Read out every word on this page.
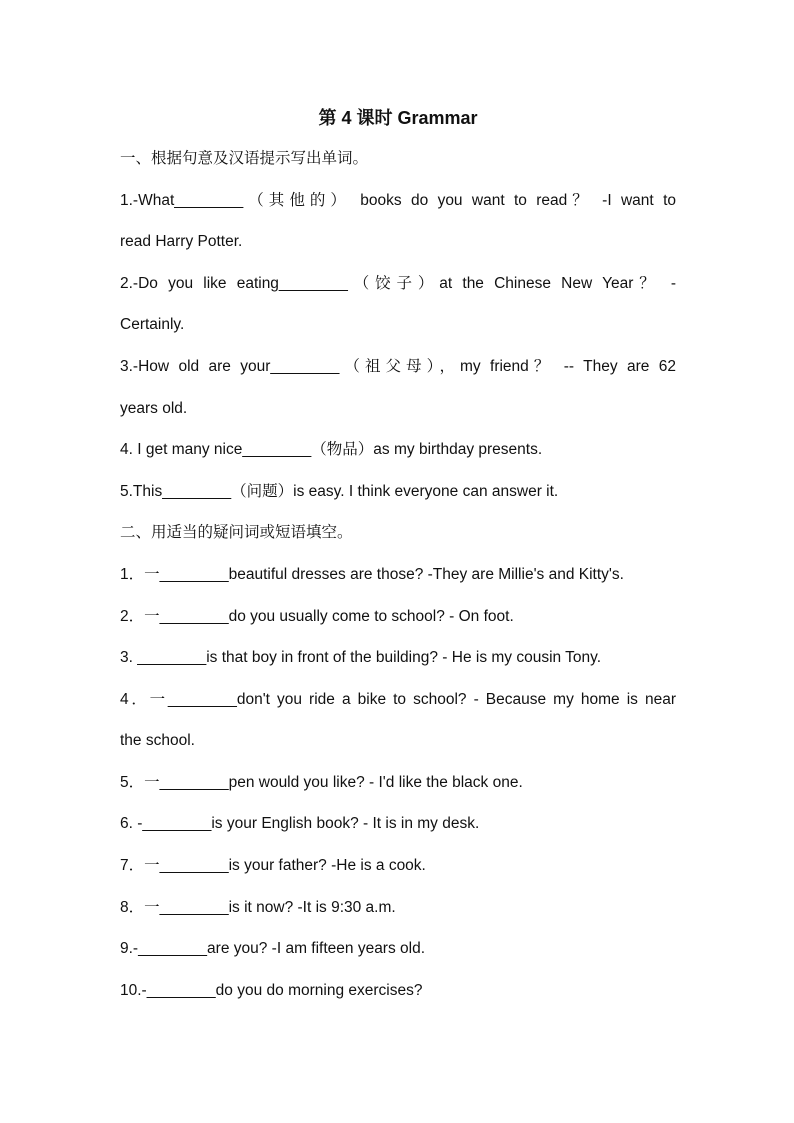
第 4 课时 Grammar
一、根据句意及汉语提示写出单词。
1.-What________（其他的） books do you want to read？ -I want to
read Harry Potter.
2.-Do you like eating________（饺子）at the Chinese New Year？ -
Certainly.
3.-How old are your________（祖父母），my friend？ -- They are 62
years old.
4. I get many nice________（物品）as my birthday presents.
5.This________（问题）is easy. I think everyone can answer it.
二、用适当的疑问词或短语填空。
1．一________beautiful dresses are those? -They are Millie's and Kitty's.
2．一________do you usually come to school? - On foot.
3. ________is that boy in front of the building? - He is my cousin Tony.
4．一________don't you ride a bike to school? - Because my home is near
the school.
5．一________pen would you like? - I'd like the black one.
6. -________is your English book? - It is in my desk.
7．一________is your father? -He is a cook.
8．一________is it now? -It is 9:30 a.m.
9.-________are you? -I am fifteen years old.
10.-________do you do morning exercises?
